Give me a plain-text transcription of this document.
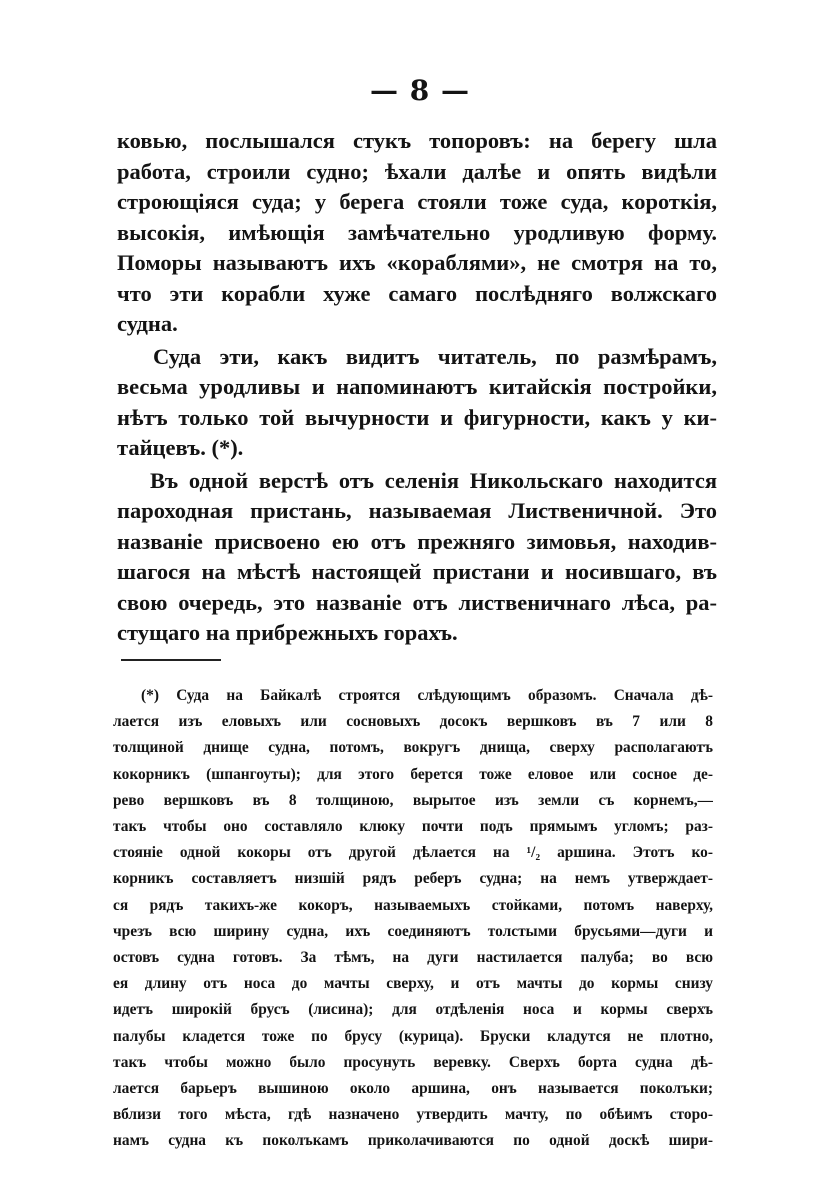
— 8 —
ковью, послышался стукъ топоровъ: на берегу шла
работа, строили судно; ѣхали далѣе и опять видѣли
строющіяся суда; у берега стояли тоже суда, короткія,
высокія, имѣющія замѣчательно уродливую форму.
Поморы называютъ ихъ «кораблями», не смотря на то,
что эти корабли хуже самаго послѣдняго волжскаго
судна.
Суда эти, какъ видитъ читатель, по размѣрамъ,
весьма уродливы и напоминаютъ китайскія постройки,
нѣтъ только той вычурности и фигурности, какъ у ки-
тайцевъ. (*).
Въ одной верстѣ отъ селенія Никольскаго находится
пароходная пристань, называемая Лиственичной. Это
названіе присвоено ею отъ прежняго зимовья, находив-
шагося на мѣстѣ настоящей пристани и носившаго, въ
свою очередь, это названіе отъ лиственичнаго лѣса, ра-
стущаго на прибрежныхъ горахъ.
(*) Суда на Байкалѣ строятся слѣдующимъ образомъ. Сначала дѣ-
лается изъ еловыхъ или сосновыхъ досокъ вершковъ въ 7 или 8
толщиной днище судна, потомъ, вокругъ днища, сверху располагаютъ
кокорникъ (шпангоуты); для этого берется тоже еловое или сосное де-
рево вершковъ въ 8 толщиною, вырытое изъ земли съ корнемъ,—
такъ чтобы оно составляло клюку почти подъ прямымъ угломъ; раз-
стояніе одной кокоры отъ другой дѣлается на ¹/₂ аршина. Этотъ ко-
корникъ составляетъ низшій рядъ реберъ судна; на немъ утверждает-
ся рядъ такихъ-же кокоръ, называемыхъ стойками, потомъ наверху,
чрезъ всю ширину судна, ихъ соединяютъ толстыми брусьями—дуги и
остовъ судна готовъ. За тѣмъ, на дуги настилается палуба; во всю
ея длину отъ носа до мачты сверху, и отъ мачты до кормы снизу
идетъ широкій брусъ (лисина); для отдѣленія носа и кормы сверхъ
палубы кладется тоже по брусу (курица). Бруски кладутся не плотно,
такъ чтобы можно было просунуть веревку. Сверхъ борта судна дѣ-
лается барьеръ вышиною около аршина, онъ называется поколъки;
вблизи того мѣста, гдѣ назначено утвердить мачту, по обѣимъ сторо-
намъ судна къ поколъкамъ приколачиваются по одной доскѣ шири-
